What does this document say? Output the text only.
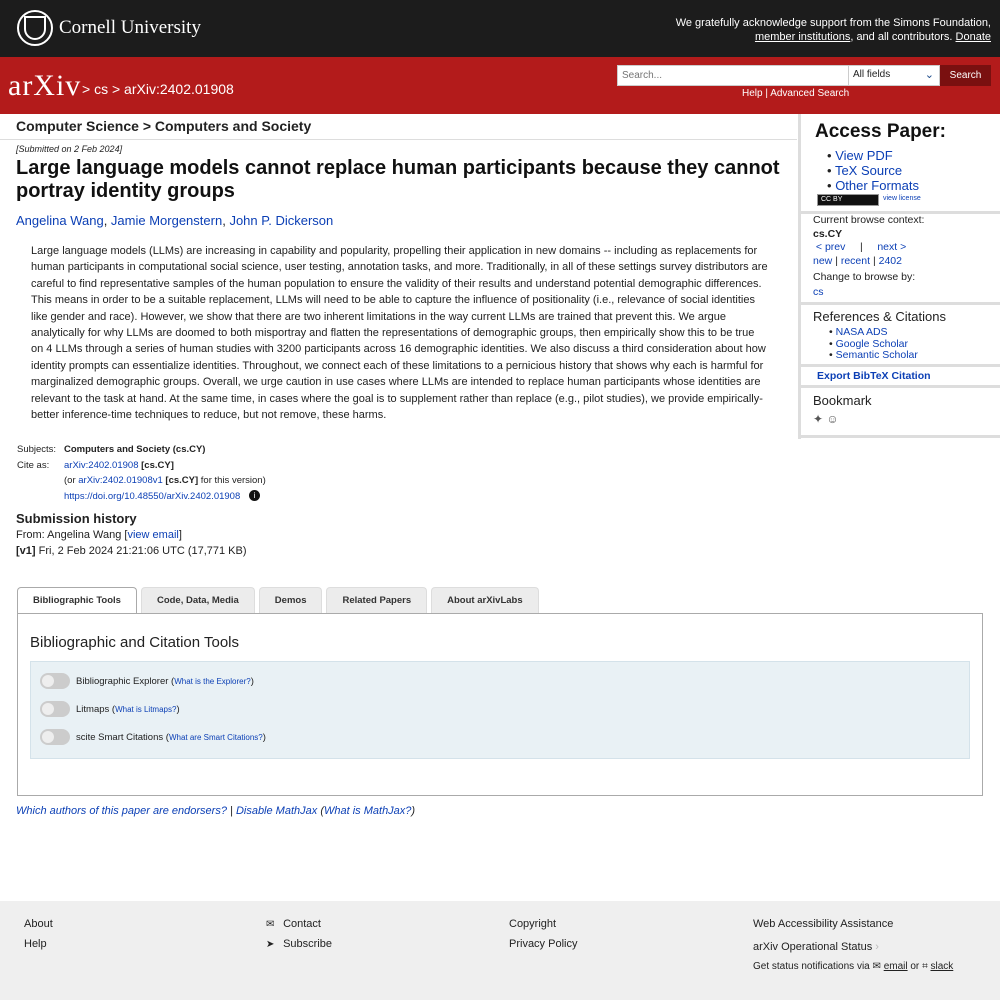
Cornell University	We gratefully acknowledge support from the Simons Foundation,
member institutions, and all contributors. Donate
arXiv > cs > arXiv:2402.01908
Search...
All fields	⌄	Search
Help | Advanced Search
Computer Science > Computers and Society
[Submitted on 2 Feb 2024]
Large language models cannot replace human participants because they cannot portray identity groups
Angelina Wang, Jamie Morgenstern, John P. Dickerson

Large language models (LLMs) are increasing in capability and popularity, propelling their application in new domains -- including as replacements for human participants in computational social science, user testing, annotation tasks, and more. Traditionally, in all of these settings survey distributors are careful to find representative samples of the human population to ensure the validity of their results and understand potential demographic differences. This means in order to be a suitable replacement, LLMs will need to be able to capture the influence of positionality (i.e., relevance of social identities like gender and race). However, we show that there are two inherent limitations in the way current LLMs are trained that prevent this. We argue analytically for why LLMs are doomed to both misportray and flatten the representations of demographic groups, then empirically show this to be true on 4 LLMs through a series of human studies with 3200 participants across 16 demographic identities. We also discuss a third consideration about how identity prompts can essentialize identities. Throughout, we connect each of these limitations to a pernicious history that shows why each is harmful for marginalized demographic groups. Overall, we urge caution in use cases where LLMs are intended to replace human participants whose identities are relevant to the task at hand. At the same time, in cases where the goal is to supplement rather than replace (e.g., pilot studies), we provide empirically-better inference-time techniques to reduce, but not remove, these harms.

Subjects: Computers and Society (cs.CY)
Cite as:	arXiv:2402.01908 [cs.CY]
(or arXiv:2402.01908v1 [cs.CY] for this version)
https://doi.org/10.48550/arXiv.2402.01908 i
Submission history
From: Angelina Wang [view email]
[v1] Fri, 2 Feb 2024 21:21:06 UTC (17,771 KB)
Bibliographic Tools	Code, Data, Media	Demos	Related Papers	About arXivLabs
Bibliographic and Citation Tools
Bibliographic Explorer ( What is the Explorer? )
Litmaps ( What is Litmaps? )
scite Smart Citations ( What are Smart Citations? )
Which authors of this paper are endorsers? | Disable MathJax (What is MathJax?)
Access Paper:
• View PDF
• TeX Source
• Other Formats
CC BY	view license
Current browse context:
cs.CY
< prev | next >
new | recent | 2402
Change to browse by:
cs
References & Citations
• NASA ADS
• Google Scholar
• Semantic Scholar
Export BibTeX Citation
Bookmark
✦ ☺
About
Help
✉ Contact
➤ Subscribe
Copyright
Privacy Policy
Web Accessibility Assistance
arXiv Operational Status ›
Get status notifications via ✉ email or ⌗ slack
